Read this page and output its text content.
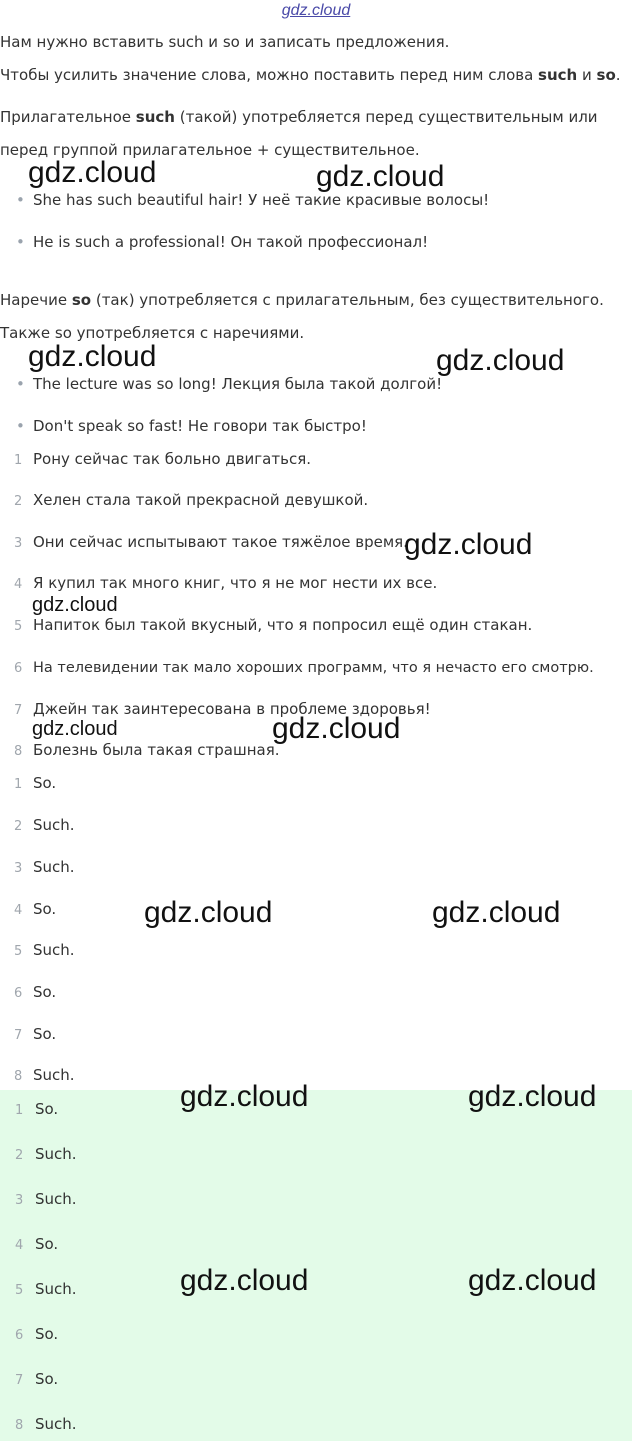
gdz.cloud
Нам нужно вставить such и so и записать предложения.
Чтобы усилить значение слова, можно поставить перед ним слова such и so.
Прилагательное such (такой) употребляется перед существительным или
перед группой прилагательное + существительное.
• She has such beautiful hair! У неё такие красивые волосы!
• He is such a professional! Он такой профессионал!
Наречие so (так) употребляется с прилагательным, без существительного.
Также so употребляется с наречиями.
• The lecture was so long! Лекция была такой долгой!
• Don't speak so fast! Не говори так быстро!
1 Рону сейчас так больно двигаться.
2 Хелен стала такой прекрасной девушкой.
3 Они сейчас испытывают такое тяжёлое время.
4 Я купил так много книг, что я не мог нести их все.
5 Напиток был такой вкусный, что я попросил ещё один стакан.
6 На телевидении так мало хороших программ, что я нечасто его смотрю.
7 Джейн так заинтересована в проблеме здоровья!
8 Болезнь была такая страшная.
1 So.
2 Such.
3 Such.
4 So.
5 Such.
6 So.
7 So.
8 Such.
1 So.
2 Such.
3 Such.
4 So.
5 Such.
6 So.
7 So.
8 Such.
gdz.cloud	gdz.cloud
gdz.cloud	gdz.cloud
gdz.cloud
gdz.cloud
gdz.cloud	gdz.cloud
gdz.cloud	gdz.cloud
gdz.cloud	gdz.cloud
gdz.cloud	gdz.cloud
